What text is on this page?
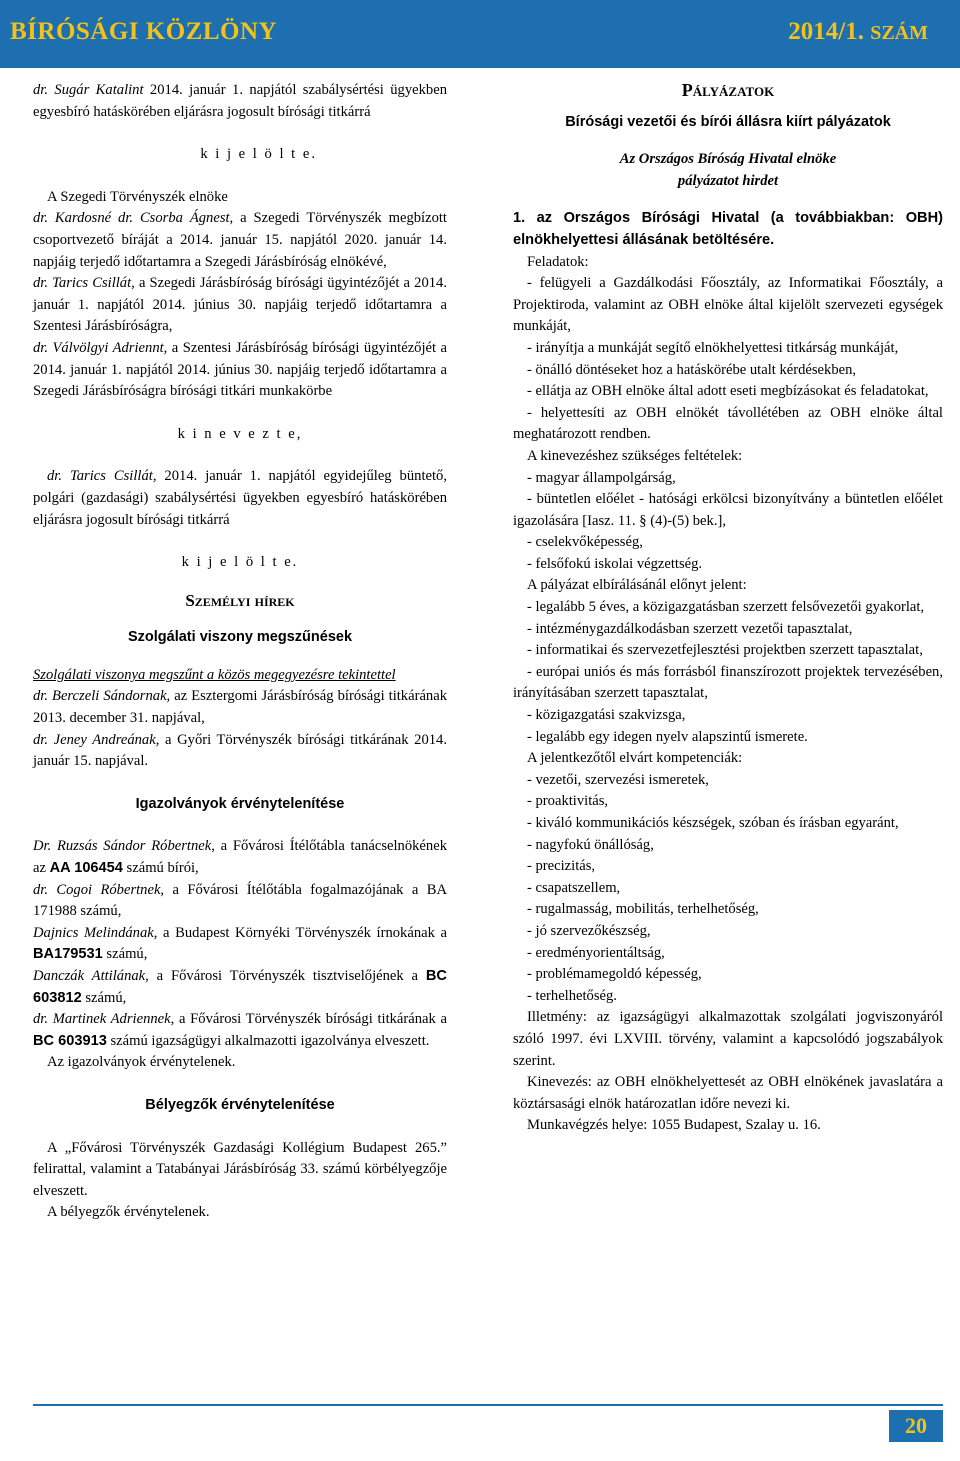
BÍRÓSÁGI KÖZLÖNY	2014/1. SZÁM

dr. Sugár Katalint 2014. január 1. napjától szabálysértési ügyekben egyesbíró hatáskörében eljárásra jogosult bírósági titkárrá

k i j e l ö l t e.

A Szegedi Törvényszék elnöke

dr. Kardosné dr. Csorba Ágnest, a Szegedi Törvényszék megbízott csoportvezető bíráját a 2014. január 15. napjától 2020. január 14. napjáig terjedő időtartamra a Szegedi Járásbíróság elnökévé,

dr. Tarics Csillát, a Szegedi Járásbíróság bírósági ügyintézőjét a 2014. január 1. napjától 2014. június 30. napjáig terjedő időtartamra a Szentesi Járásbíróságra,

dr. Válvölgyi Adriennt, a Szentesi Járásbíróság bírósági ügyintézőjét a 2014. január 1. napjától 2014. június 30. napjáig terjedő időtartamra a Szegedi Járásbíróságra bírósági titkári munkakörbe

k i n e v e z t e,

dr. Tarics Csillát, 2014. január 1. napjától egyidejűleg büntető, polgári (gazdasági) szabálysértési ügyekben egyesbíró hatáskörében eljárásra jogosult bírósági titkárrá

k i j e l ö l t e.

Személyi hírek

Szolgálati viszony megszűnések

Szolgálati viszonya megszűnt a közös megegyezésre tekintettel

dr. Berczeli Sándornak, az Esztergomi Járásbíróság bírósági titkárának 2013. december 31. napjával,

dr. Jeney Andreának, a Győri Törvényszék bírósági titkárának 2014. január 15. napjával.

Igazolványok érvénytelenítése

Dr. Ruzsás Sándor Róbertnek, a Fővárosi Ítélőtábla tanácselnökének az AA 106454 számú bírói,

dr. Cogoi Róbertnek, a Fővárosi Ítélőtábla fogalmazójának a BA 171988 számú,

Dajnics Melindának, a Budapest Környéki Törvényszék írnokának a BA179531 számú,

Danczák Attilának, a Fővárosi Törvényszék tisztviselőjének a BC 603812 számú,

dr. Martinek Adriennek, a Fővárosi Törvényszék bírósági titkárának a BC 603913 számú igazságügyi alkalmazotti igazolványa elveszett.

Az igazolványok érvénytelenek.

Bélyegzők érvénytelenítése

A „Fővárosi Törvényszék Gazdasági Kollégium Budapest 265.” felirattal, valamint a Tatabányai Járásbíróság 33. számú körbélyegzője elveszett.

A bélyegzők érvénytelenek.

Pályázatok

Bírósági vezetői és bírói állásra kiírt pályázatok

Az Országos Bíróság Hivatal elnöke

pályázatot hirdet

1. az Országos Bírósági Hivatal (a továbbiakban: OBH) elnökhelyettesi állásának betöltésére.

Feladatok:

- felügyeli a Gazdálkodási Főosztály, az Informatikai Főosztály, a Projektiroda, valamint az OBH elnöke által kijelölt szervezeti egységek munkáját,

- irányítja a munkáját segítő elnökhelyettesi titkárság munkáját,

- önálló döntéseket hoz a hatáskörébe utalt kérdésekben,

- ellátja az OBH elnöke által adott eseti megbízásokat és feladatokat,

- helyettesíti az OBH elnökét távollétében az OBH elnöke által meghatározott rendben.

A kinevezéshez szükséges feltételek:

- magyar állampolgárság,

- büntetlen előélet - hatósági erkölcsi bizonyítvány a büntetlen előélet igazolására [Iasz. 11. § (4)-(5) bek.],

- cselekvőképesség,

- felsőfokú iskolai végzettség.

A pályázat elbírálásánál előnyt jelent:

- legalább 5 éves, a közigazgatásban szerzett felsővezetői gyakorlat,

- intézménygazdálkodásban szerzett vezetői tapasztalat,

- informatikai és szervezetfejlesztési projektben szerzett tapasztalat,

- európai uniós és más forrásból finanszírozott projektek tervezésében, irányításában szerzett tapasztalat,

- közigazgatási szakvizsga,

- legalább egy idegen nyelv alapszintű ismerete.

A jelentkezőtől elvárt kompetenciák:

- vezetői, szervezési ismeretek,

- proaktivitás,

- kiváló kommunikációs készségek, szóban és írásban egyaránt,

- nagyfokú önállóság,

- precizitás,

- csapatszellem,

- rugalmasság, mobilitás, terhelhetőség,

- jó szervezőkészség,

- eredményorientáltság,

- problémamegoldó képesség,

- terhelhetőség.

Illetmény: az igazságügyi alkalmazottak szolgálati jogviszonyáról szóló 1997. évi LXVIII. törvény, valamint a kapcsolódó jogszabályok szerint.

Kinevezés: az OBH elnökhelyettesét az OBH elnökének javaslatára a köztársasági elnök határozatlan időre nevezi ki.

Munkavégzés helye: 1055 Budapest, Szalay u. 16.

20
